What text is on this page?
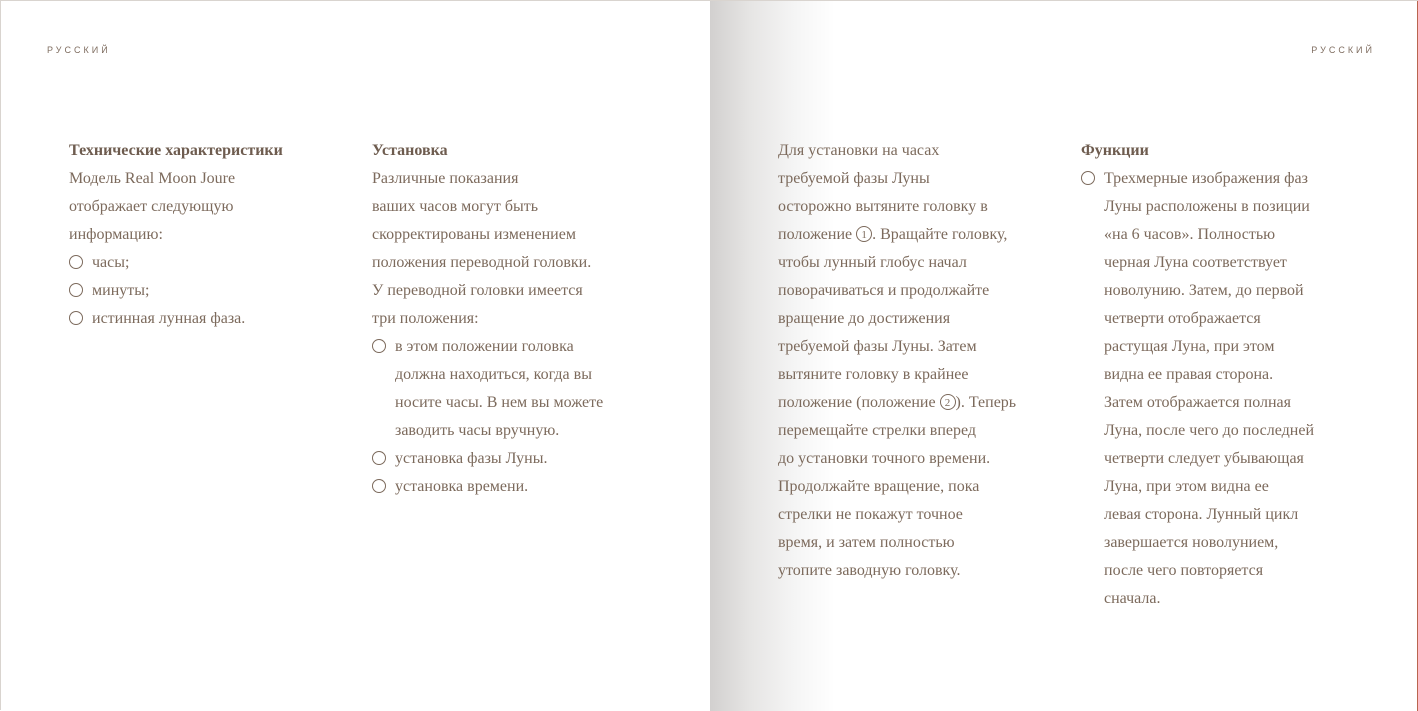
РУССКИЙ
Технические характеристики

Модель Real Moon Joure

отображает следующую

информацию:

часы;
минуты;
истинная лунная фаза.
Установка

Различные показания

ваших часов могут быть

скорректированы изменением

положения переводной головки.

У переводной головки имеется

три положения:

в этом положении головка

должна находиться, когда вы

носите часы. В нем вы можете

заводить часы вручную.

установка фазы Луны.
установка времени.
РУССКИЙ

Для установки на часах

требуемой фазы Луны

осторожно вытяните головку в

положение 1 . Вращайте головку,

чтобы лунный глобус начал

поворачиваться и продолжайте

вращение до достижения

требуемой фазы Луны. Затем

вытяните головку в крайнее

положение (положение 2 ). Теперь

перемещайте стрелки вперед

до установки точного времени.

Продолжайте вращение, пока

стрелки не покажут точное

время, и затем полностью

утопите заводную головку.

Функции

Трехмерные изображения фаз

Луны расположены в позиции

«на 6 часов». Полностью

черная Луна соответствует

новолунию. Затем, до первой

четверти отображается

растущая Луна, при этом

видна ее правая сторона.

Затем отображается полная

Луна, после чего до последней

четверти следует убывающая

Луна, при этом видна ее

левая сторона. Лунный цикл

завершается новолунием,

после чего повторяется

сначала.
